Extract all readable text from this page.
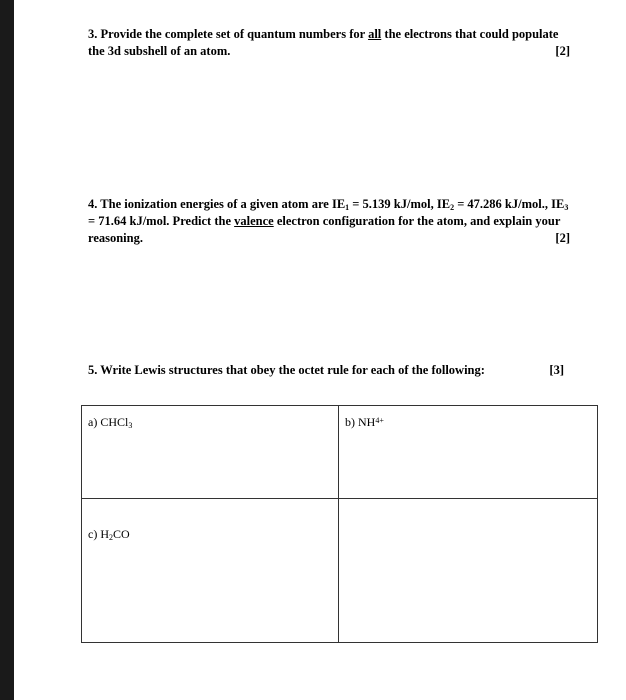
3. Provide the complete set of quantum numbers for all the electrons that could populate
the 3d subshell of an atom.	[2]
4. The ionization energies of a given atom are $IE_1 = 5.139$ kJ/mol, $IE_2 = 47.286$ kJ/mol., $IE_3$
= 71.64 kJ/mol. Predict the valence electron configuration for the atom, and explain your
reasoning.	[2]
5. Write Lewis structures that obey the octet rule for each of the following:	[3]
a) CHCl$_3$	b) $NH^{4+}$
c) $H_2CO$
